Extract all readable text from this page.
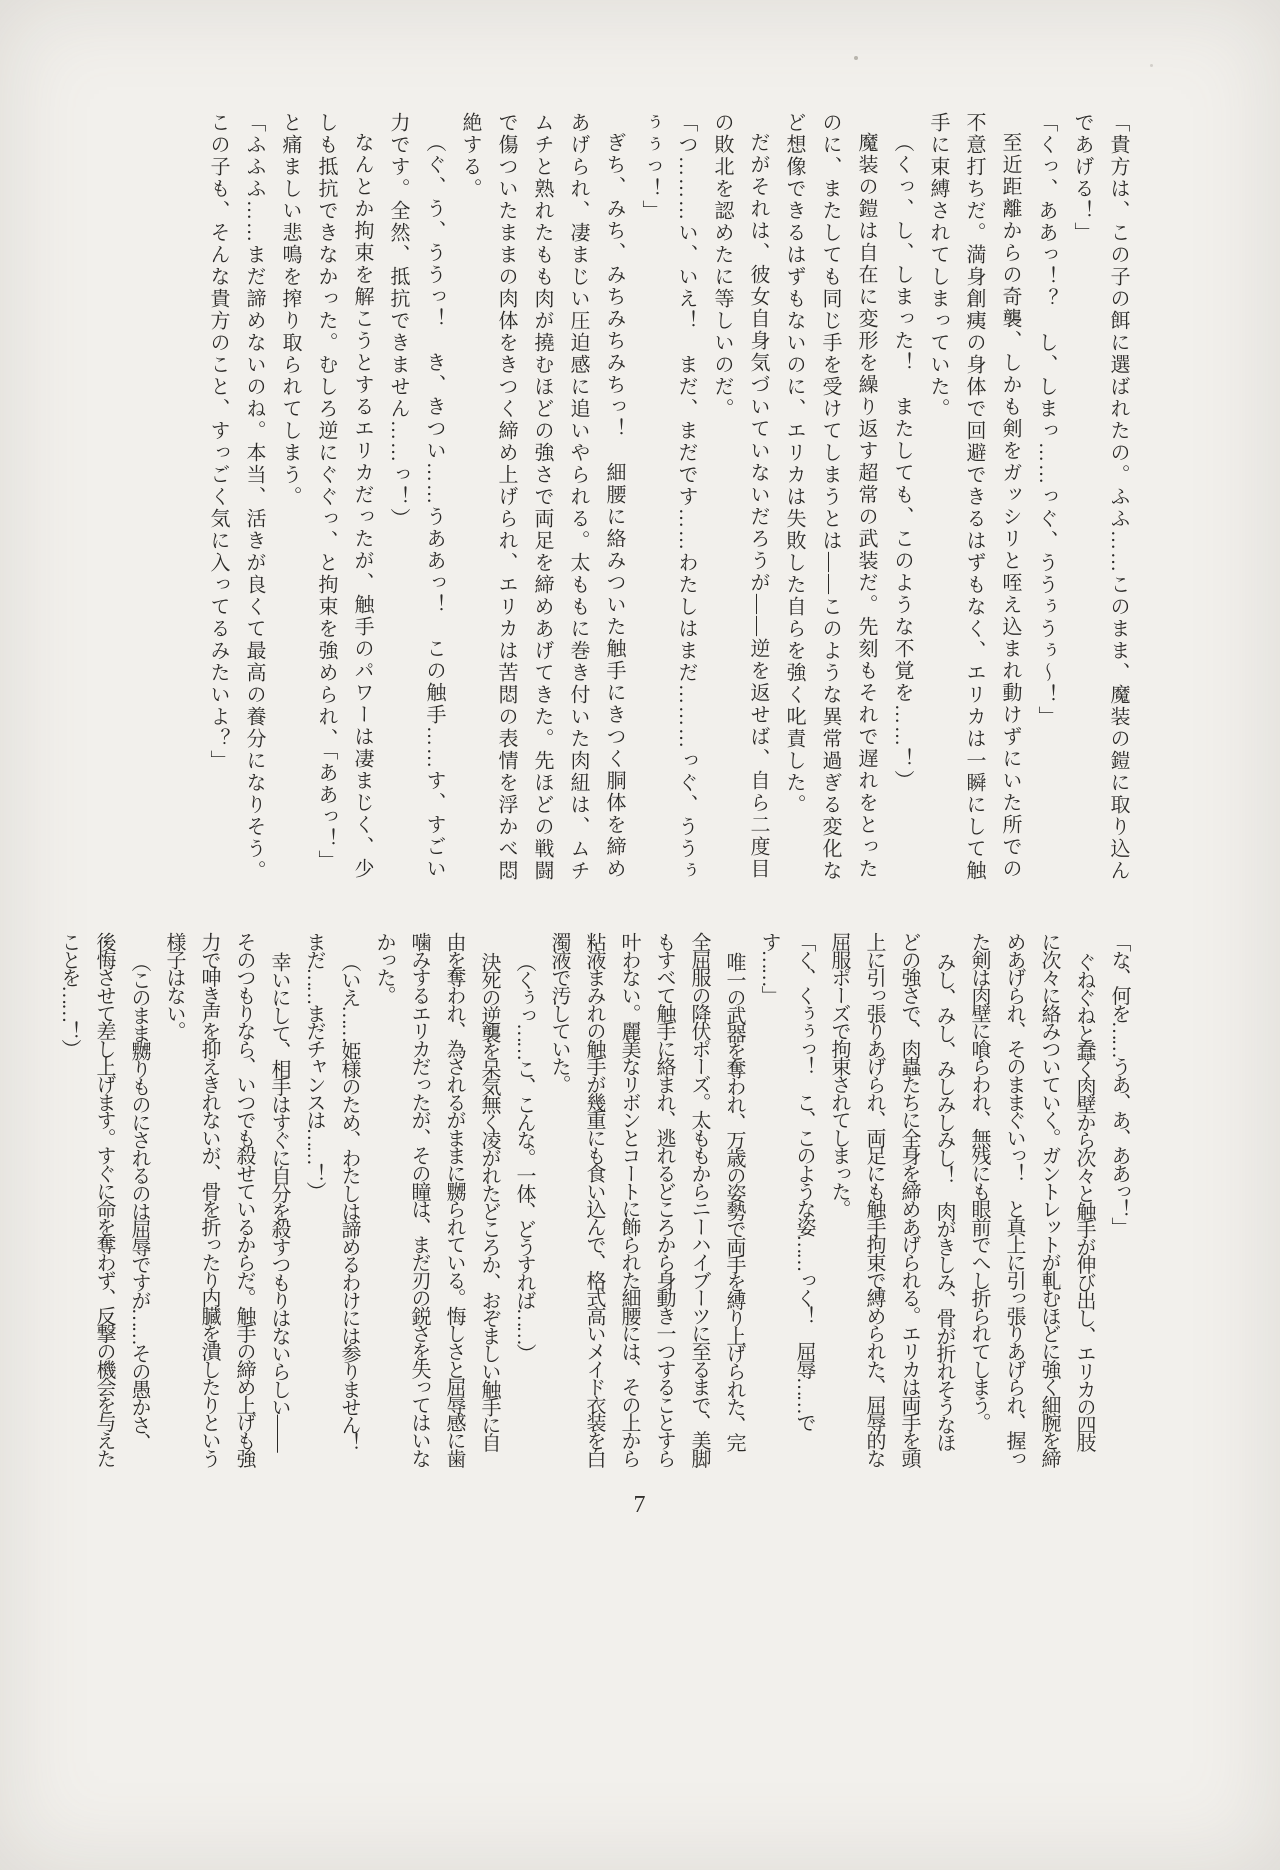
「貴方は、この子の餌に選ばれたの。ふふ……このまま、魔装の鎧に取り込んであげる！」

「くっ、ああっ！？　し、しまっ……っぐ、ううぅうぅ～！」

至近距離からの奇襲、しかも剣をガッシリと咥え込まれ動けずにいた所での不意打ちだ。満身創痍の身体で回避できるはずもなく、エリカは一瞬にして触手に束縛されてしまっていた。

（くっ、し、しまった！　またしても、このような不覚を……！）

魔装の鎧は自在に変形を繰り返す超常の武装だ。先刻もそれで遅れをとったのに、またしても同じ手を受けてしまうとは――このような異常過ぎる変化など想像できるはずもないのに、エリカは失敗した自らを強く叱責した。

だがそれは、彼女自身気づいていないだろうが――逆を返せば、自ら二度目の敗北を認めたに等しいのだ。

「つ………い、いえ！　まだ、まだです……わたしはまだ………っぐ、ううぅぅぅっ！」

ぎち、みち、みちみちみちっ！　細腰に絡みついた触手にきつく胴体を締めあげられ、凄まじい圧迫感に追いやられる。太ももに巻き付いた肉紐は、ムチムチと熟れたもも肉が撓むほどの強さで両足を締めあげてきた。先ほどの戦闘で傷ついたままの肉体をきつく締め上げられ、エリカは苦悶の表情を浮かべ悶絶する。

（ぐ、う、ううっ！　き、きつい……うああっ！　この触手……す、すごい力です。全然、抵抗できません……っ！）

なんとか拘束を解こうとするエリカだったが、触手のパワーは凄まじく、少しも抵抗できなかった。むしろ逆にぐぐっ、と拘束を強められ、「ああっ！」と痛ましい悲鳴を搾り取られてしまう。

「ふふふ……まだ諦めないのね。本当、活きが良くて最高の養分になりそう。この子も、そんな貴方のこと、すっごく気に入ってるみたいよ？」

「な、何を……うあ、あ、ああっ！」

ぐねぐねと蠢く肉壁から次々と触手が伸び出し、エリカの四肢に次々に絡みついていく。ガントレットが軋むほどに強く細腕を締めあげられ、そのままぐいっ！　と真上に引っ張りあげられ、握った剣は肉壁に喰らわれ、無残にも眼前でへし折られてしまう。

みし、みし、みしみしみし！　肉がきしみ、骨が折れそうなほどの強さで、肉蟲たちに全身を締めあげられる。エリカは両手を頭上に引っ張りあげられ、両足にも触手拘束で縛められた、屈辱的な屈服ポーズで拘束されてしまった。

「く、くぅぅっ！　こ、このような姿……っく！　屈辱……です……」

唯一の武器を奪われ、万歳の姿勢で両手を縛り上げられた、完全屈服の降伏ポーズ。太ももからニーハイブーツに至るまで、美脚もすべて触手に絡まれ、逃れるどころから身動き一つすることすら叶わない。麗美なリボンとコートに飾られた細腰には、その上から粘液まみれの触手が幾重にも食い込んで、格式高いメイド衣装を白濁液で汚していた。

（くぅっ……こ、こんな。一体、どうすれば……）

決死の逆襲を呆気無く凌がれたどころか、おぞましい触手に自由を奪われ、為されるがままに嬲られている。悔しさと屈辱感に歯噛みするエリカだったが、その瞳は、まだ刃の鋭さを失ってはいなかった。

（いえ……姫様のため、わたしは諦めるわけには参りません！　まだ……まだチャンスは……！）

幸いにして、相手はすぐに自分を殺すつもりはないらしい――そのつもりなら、いつでも殺せているからだ。触手の締め上げも強力で呻き声を抑えきれないが、骨を折ったり内臓を潰したりという様子はない。

（このまま嬲りものにされるのは屈辱ですが……その愚かさ、後悔させて差し上げます。すぐに命を奪わず、反撃の機会を与えたことを……！）

7
